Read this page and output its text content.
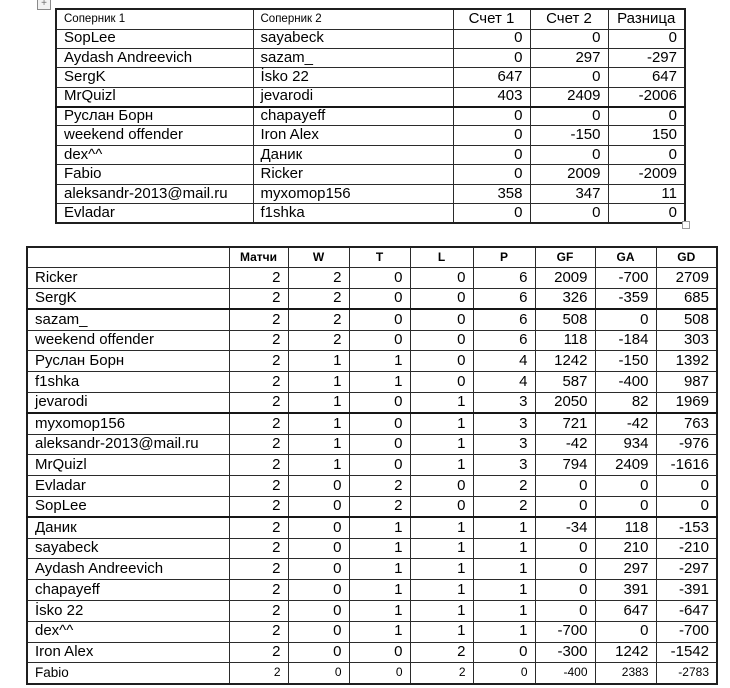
+
Соперник 1	Соперник 2	Счет 1	Счет 2	Разница
SopLee	sayabeck	0	0	0
Aydash Andreevich	sazam_	0	297	-297
SergK	İsko 22	647	0	647
MrQuizl	jevarodi	403	2409	-2006
Руслан Борн	chapayeff	0	0	0
weekend offender	Iron Alex	0	-150	150
dex^^	Даник	0	0	0
Fabio	Ricker	0	2009	-2009
aleksandr-2013@mail.ru	myxomop156	358	347	11
Evladar	f1shka	0	0	0
	Матчи	W	T	L	P	GF	GA	GD
Ricker	2	2	0	0	6	2009	-700	2709
SergK	2	2	0	0	6	326	-359	685
sazam_	2	2	0	0	6	508	0	508
weekend offender	2	2	0	0	6	118	-184	303
Руслан Борн	2	1	1	0	4	1242	-150	1392
f1shka	2	1	1	0	4	587	-400	987
jevarodi	2	1	0	1	3	2050	82	1969
myxomop156	2	1	0	1	3	721	-42	763
aleksandr-2013@mail.ru	2	1	0	1	3	-42	934	-976
MrQuizl	2	1	0	1	3	794	2409	-1616
Evladar	2	0	2	0	2	0	0	0
SopLee	2	0	2	0	2	0	0	0
Даник	2	0	1	1	1	-34	118	-153
sayabeck	2	0	1	1	1	0	210	-210
Aydash Andreevich	2	0	1	1	1	0	297	-297
chapayeff	2	0	1	1	1	0	391	-391
İsko 22	2	0	1	1	1	0	647	-647
dex^^	2	0	1	1	1	-700	0	-700
Iron Alex	2	0	0	2	0	-300	1242	-1542
Fabio	2	0	0	2	0	-400	2383	-2783
